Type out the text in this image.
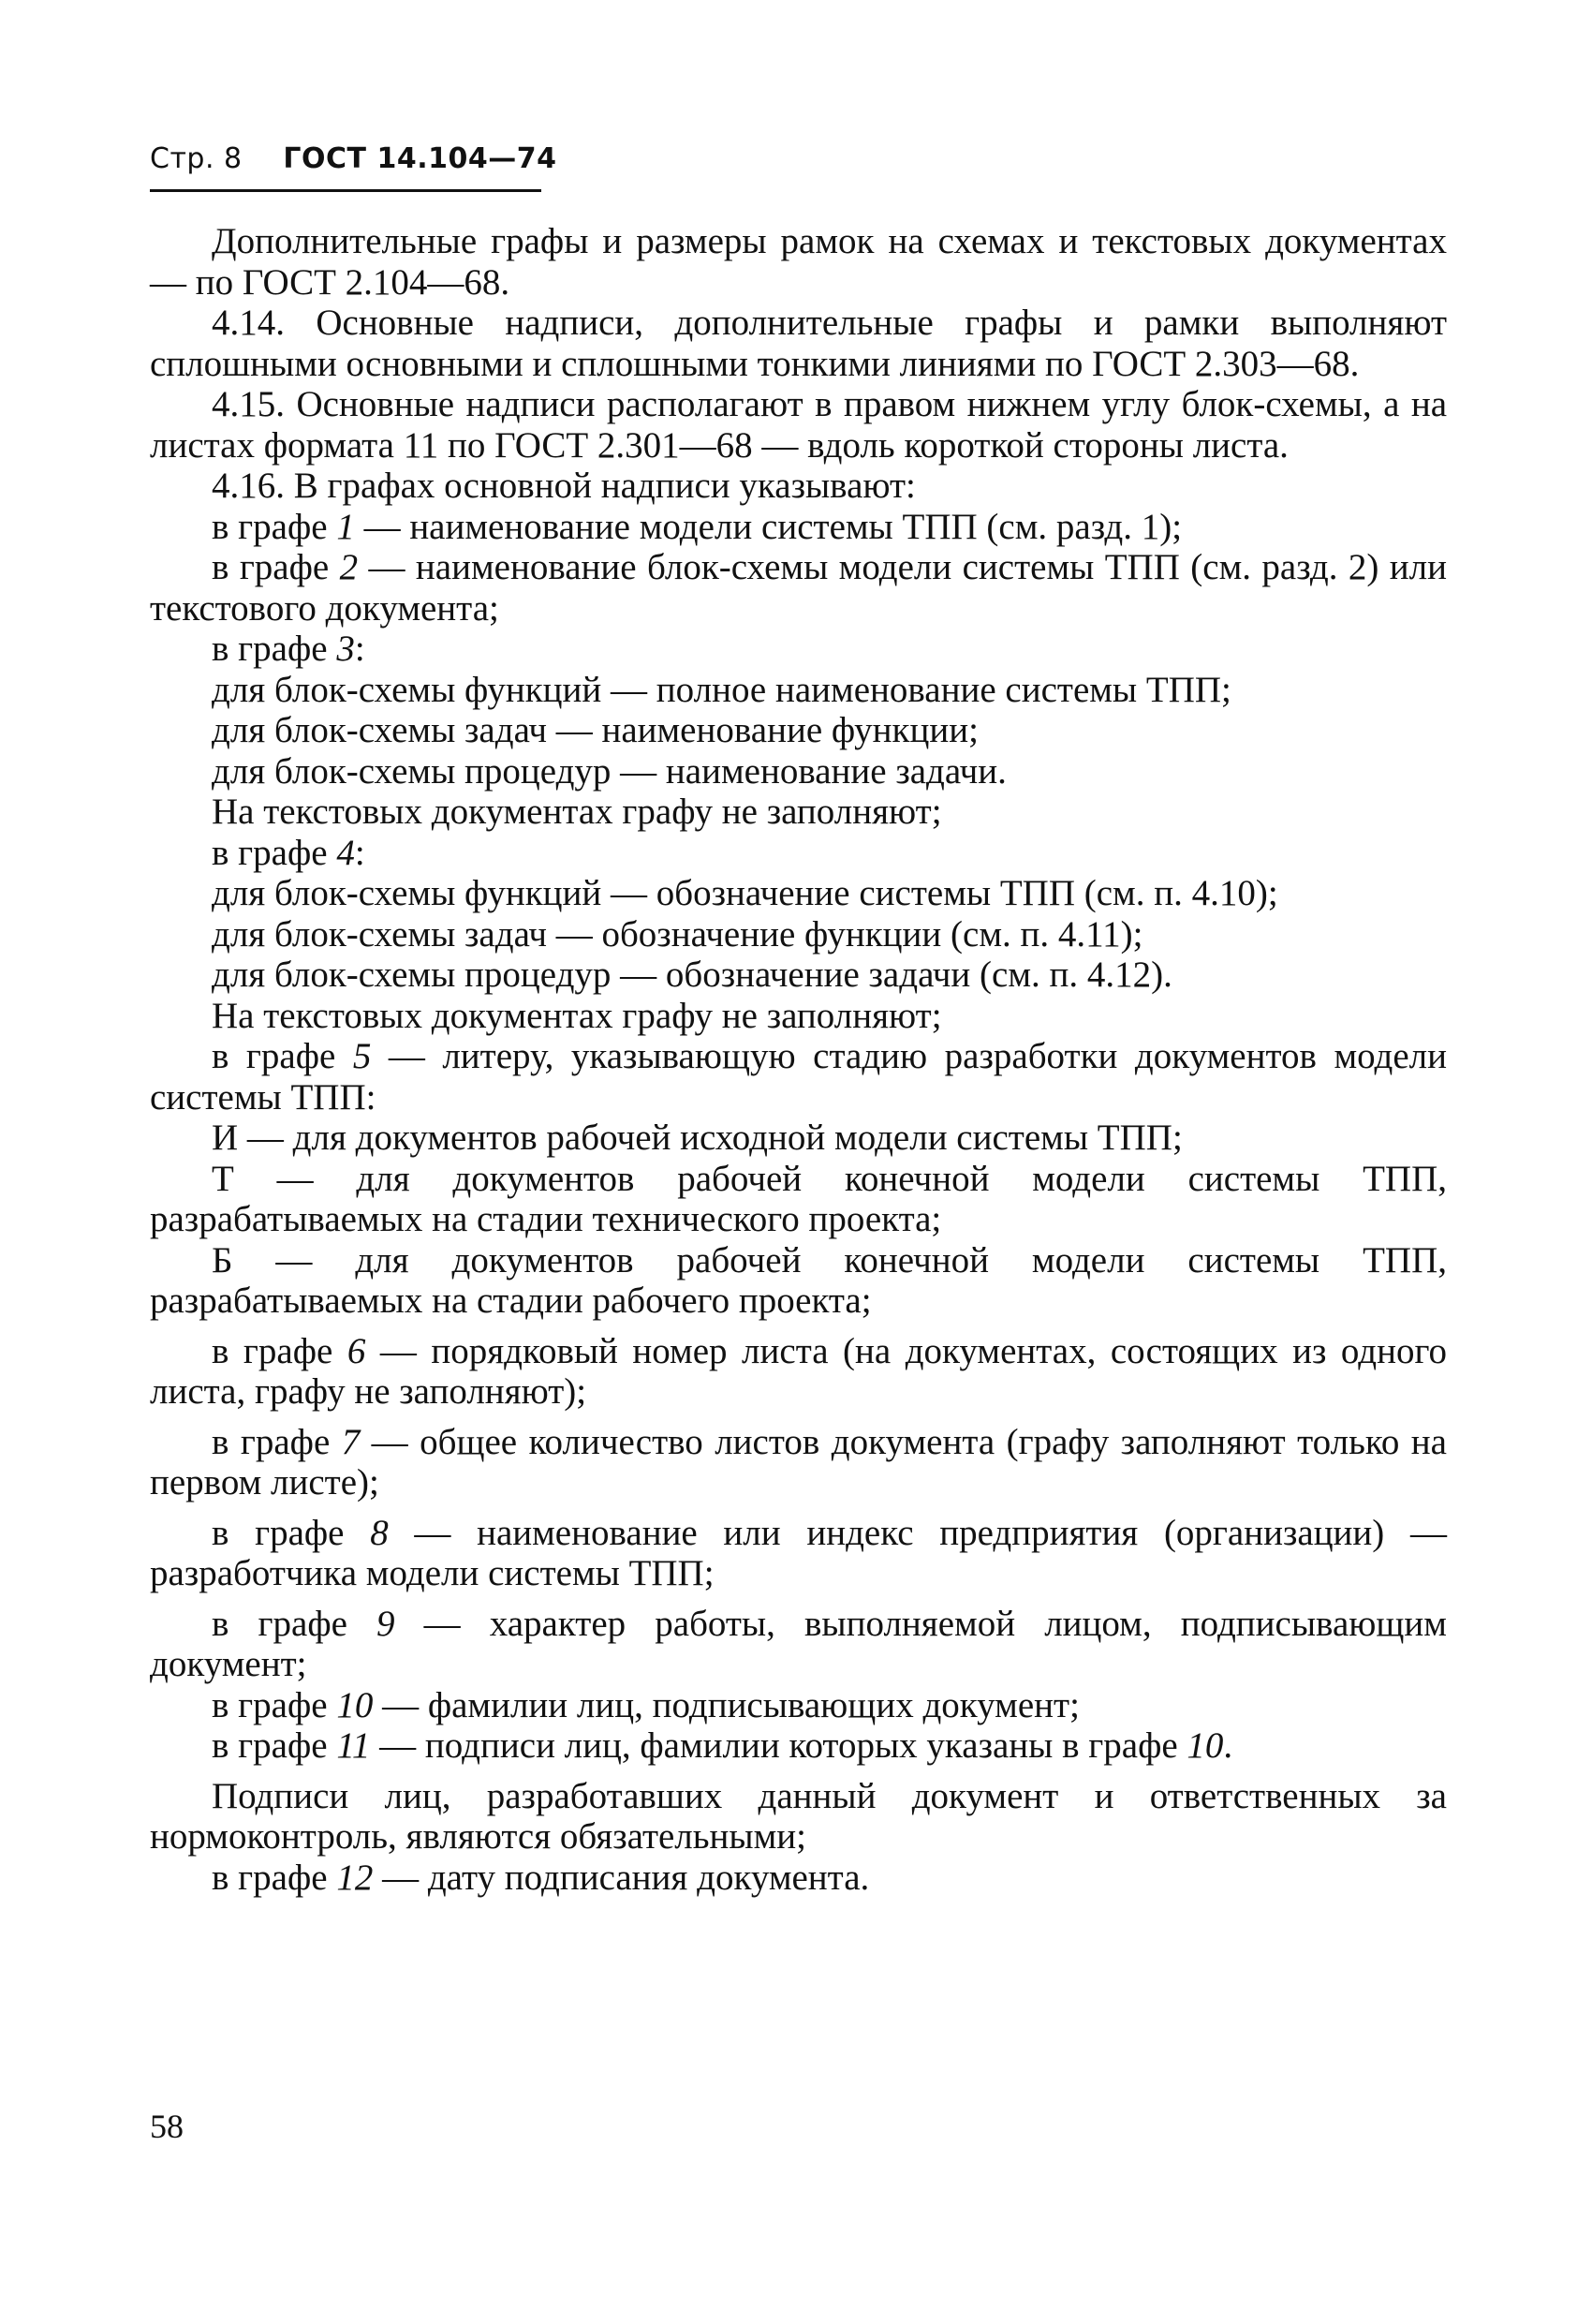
Стр. 8 ГОСТ 14.104—74

Дополнительные графы и размеры рамок на схемах и текстовых документах — по ГОСТ 2.104—68.

4.14. Основные надписи, дополнительные графы и рамки выполняют сплошными основными и сплошными тонкими линиями по ГОСТ 2.303—68.

4.15. Основные надписи располагают в правом нижнем углу блок-схемы, а на листах формата 11 по ГОСТ 2.301—68 — вдоль короткой стороны листа.

4.16. В графах основной надписи указывают:

в графе 1 — наименование модели системы ТПП (см. разд. 1);

в графе 2 — наименование блок-схемы модели системы ТПП (см. разд. 2) или текстового документа;

в графе 3:

для блок-схемы функций — полное наименование системы ТПП;

для блок-схемы задач — наименование функции;

для блок-схемы процедур — наименование задачи.

На текстовых документах графу не заполняют;

в графе 4:

для блок-схемы функций — обозначение системы ТПП (см. п. 4.10);

для блок-схемы задач — обозначение функции (см. п. 4.11);

для блок-схемы процедур — обозначение задачи (см. п. 4.12).

На текстовых документах графу не заполняют;

в графе 5 — литеру, указывающую стадию разработки документов модели системы ТПП:

И — для документов рабочей исходной модели системы ТПП;

Т — для документов рабочей конечной модели системы ТПП, разрабатываемых на стадии технического проекта;

Б — для документов рабочей конечной модели системы ТПП, разрабатываемых на стадии рабочего проекта;

в графе 6 — порядковый номер листа (на документах, состоящих из одного листа, графу не заполняют);

в графе 7 — общее количество листов документа (графу заполняют только на первом листе);

в графе 8 — наименование или индекс предприятия (организации) — разработчика модели системы ТПП;

в графе 9 — характер работы, выполняемой лицом, подписывающим документ;

в графе 10 — фамилии лиц, подписывающих документ;

в графе 11 — подписи лиц, фамилии которых указаны в графе 10.

Подписи лиц, разработавших данный документ и ответственных за нормоконтроль, являются обязательными;

в графе 12 — дату подписания документа.

58
